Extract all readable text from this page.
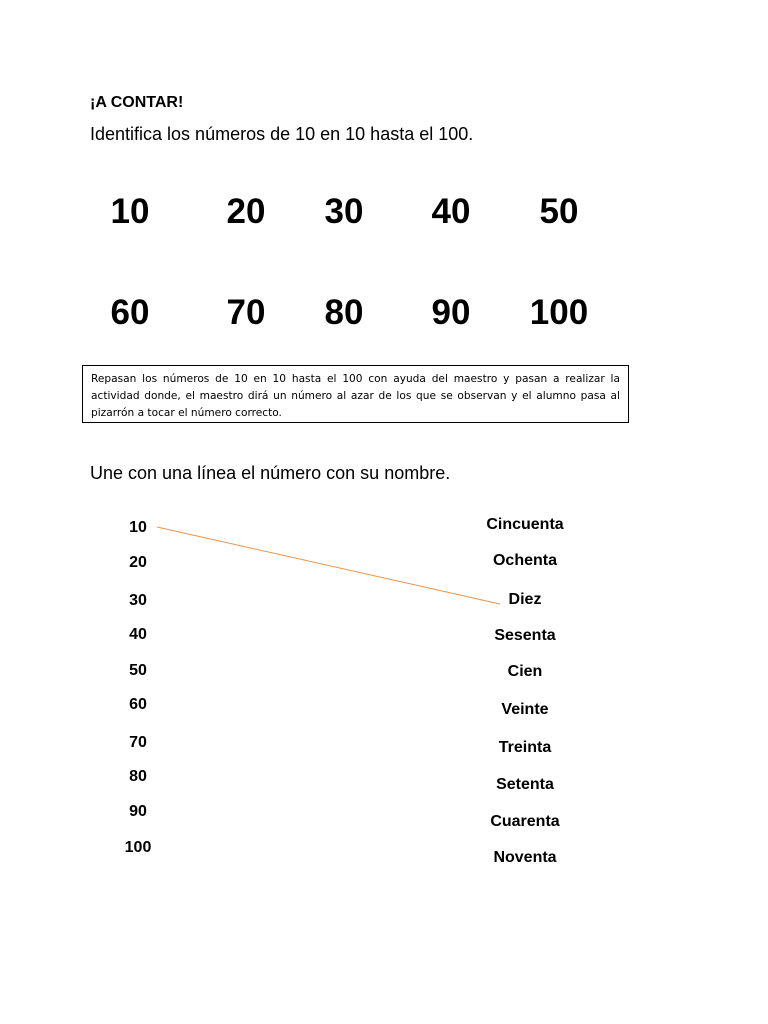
¡A CONTAR!
Identifica los números de 10 en 10 hasta el 100.
10	20	30	40	50
60	70	80	90	100
Repasan los números de 10 en 10 hasta el 100 con ayuda del maestro y pasan a realizar la actividad donde, el maestro dirá un número al azar de los que se observan y el alumno pasa al pizarrón a tocar el número correcto.
Une con una línea el número con su nombre.
10
20
30
40
50
60
70
80
90
100
Cincuenta
Ochenta
Diez
Sesenta
Cien
Veinte
Treinta
Setenta
Cuarenta
Noventa
